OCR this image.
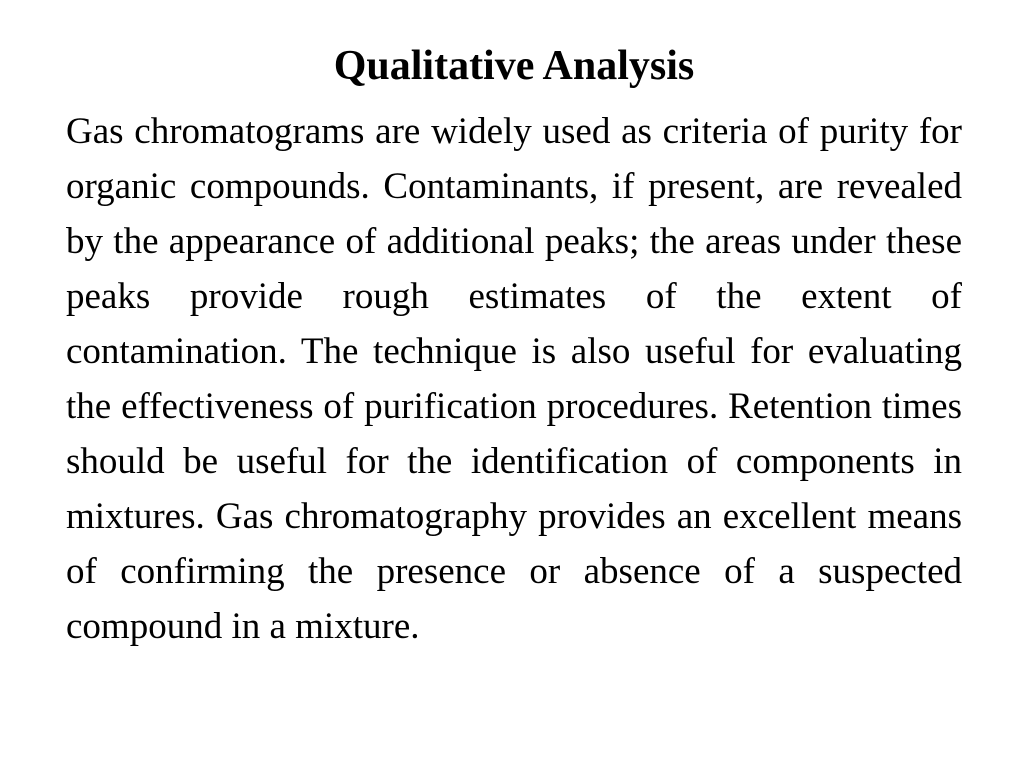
Qualitative Analysis

Gas chromatograms are widely used as criteria of purity for organic compounds. Contaminants, if present, are revealed by the appearance of additional peaks; the areas under these peaks provide rough estimates of the extent of contamination. The technique is also useful for evaluating the effectiveness of purification procedures. Retention times should be useful for the identification of components in mixtures. Gas chromatography provides an excellent means of confirming the presence or absence of a suspected compound in a mixture.
